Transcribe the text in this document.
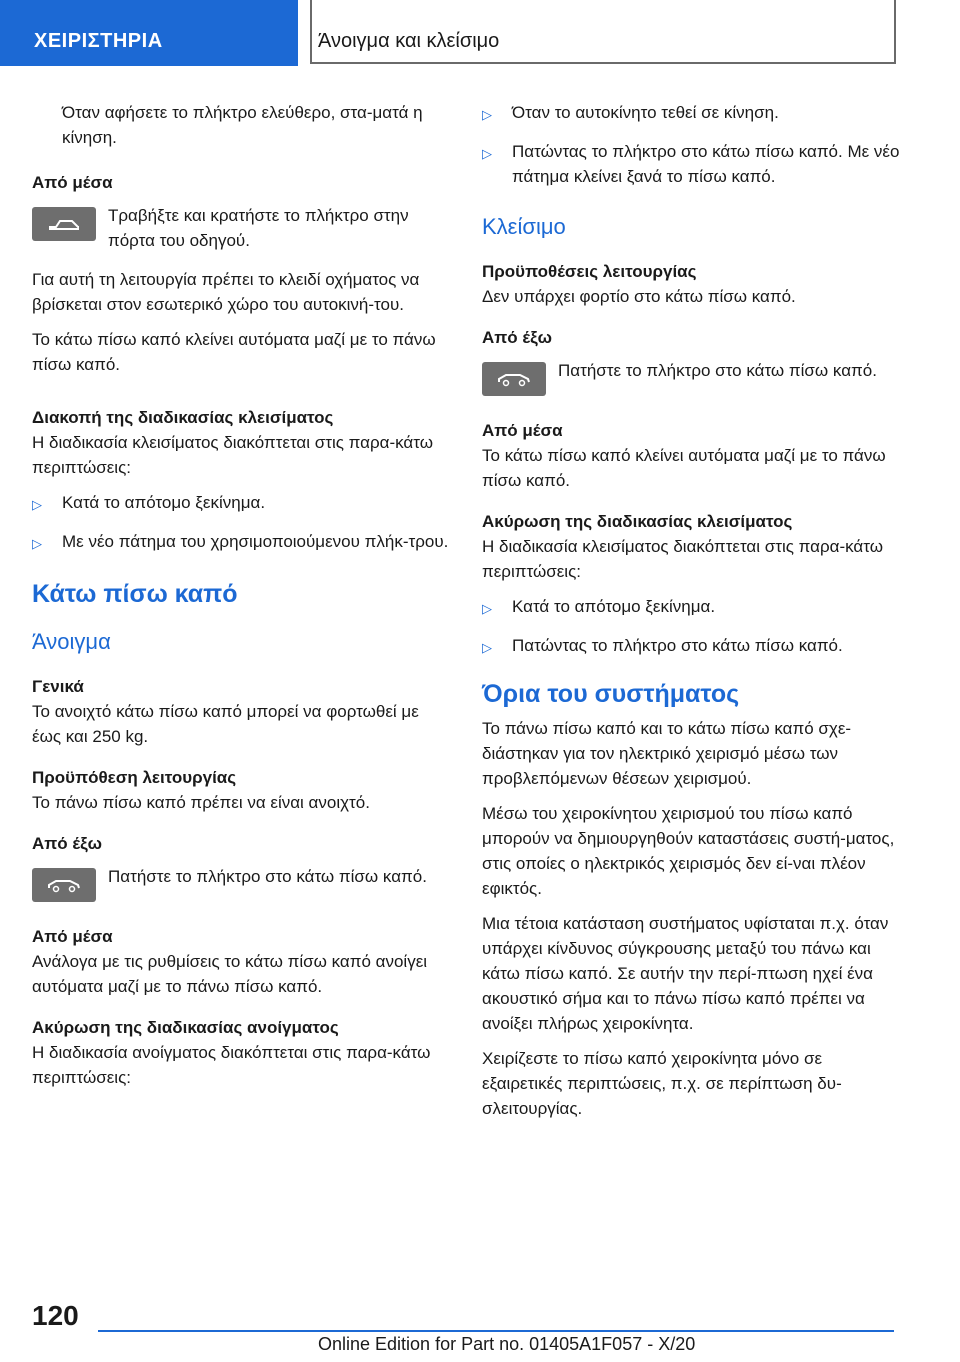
ΧΕΙΡΙΣΤΗΡΙΑ	Άνοιγμα και κλείσιμο

Όταν αφήσετε το πλήκτρο ελεύθερο, στα-ματά η κίνηση.

Από μέσα
Τραβήξτε και κρατήστε το πλήκτρο στην πόρτα του οδηγού.

Για αυτή τη λειτουργία πρέπει το κλειδί οχήματος να βρίσκεται στον εσωτερικό χώρο του αυτοκινή-του.

Το κάτω πίσω καπό κλείνει αυτόματα μαζί με το πάνω πίσω καπό.

Διακοπή της διαδικασίας κλεισίματος

Η διαδικασία κλεισίματος διακόπτεται στις παρα-κάτω περιπτώσεις:

▷	Κατά το απότομο ξεκίνημα.
▷	Με νέο πάτημα του χρησιμοποιούμενου πλήκ-τρου.
Κάτω πίσω καπό
Άνοιγμα
Γενικά

Το ανοιχτό κάτω πίσω καπό μπορεί να φορτωθεί με έως και 250 kg.

Προϋπόθεση λειτουργίας

Το πάνω πίσω καπό πρέπει να είναι ανοιχτό.

Από έξω
Πατήστε το πλήκτρο στο κάτω πίσω καπό.
Από μέσα

Ανάλογα με τις ρυθμίσεις το κάτω πίσω καπό ανοίγει αυτόματα μαζί με το πάνω πίσω καπό.

Ακύρωση της διαδικασίας ανοίγματος

Η διαδικασία ανοίγματος διακόπτεται στις παρα-κάτω περιπτώσεις:

▷	Όταν το αυτοκίνητο τεθεί σε κίνηση.
▷	Πατώντας το πλήκτρο στο κάτω πίσω καπό. Με νέο πάτημα κλείνει ξανά το πίσω καπό.
Κλείσιμο
Προϋποθέσεις λειτουργίας

Δεν υπάρχει φορτίο στο κάτω πίσω καπό.

Από έξω
Πατήστε το πλήκτρο στο κάτω πίσω καπό.
Από μέσα

Το κάτω πίσω καπό κλείνει αυτόματα μαζί με το πάνω πίσω καπό.

Ακύρωση της διαδικασίας κλεισίματος

Η διαδικασία κλεισίματος διακόπτεται στις παρα-κάτω περιπτώσεις:

▷	Κατά το απότομο ξεκίνημα.
▷	Πατώντας το πλήκτρο στο κάτω πίσω καπό.
Όρια του συστήματος

Το πάνω πίσω καπό και το κάτω πίσω καπό σχε-διάστηκαν για τον ηλεκτρικό χειρισμό μέσω των προβλεπόμενων θέσεων χειρισμού.

Μέσω του χειροκίνητου χειρισμού του πίσω καπό μπορούν να δημιουργηθούν καταστάσεις συστή-ματος, στις οποίες ο ηλεκτρικός χειρισμός δεν εί-ναι πλέον εφικτός.

Μια τέτοια κατάσταση συστήματος υφίσταται π.χ. όταν υπάρχει κίνδυνος σύγκρουσης μεταξύ του πάνω και κάτω πίσω καπό. Σε αυτήν την περί-πτωση ηχεί ένα ακουστικό σήμα και το πάνω πίσω καπό πρέπει να ανοίξει πλήρως χειροκίνητα.

Χειρίζεστε το πίσω καπό χειροκίνητα μόνο σε εξαιρετικές περιπτώσεις, π.χ. σε περίπτωση δυ-σλειτουργίας.

120
Online Edition for Part no. 01405A1F057 - X/20
